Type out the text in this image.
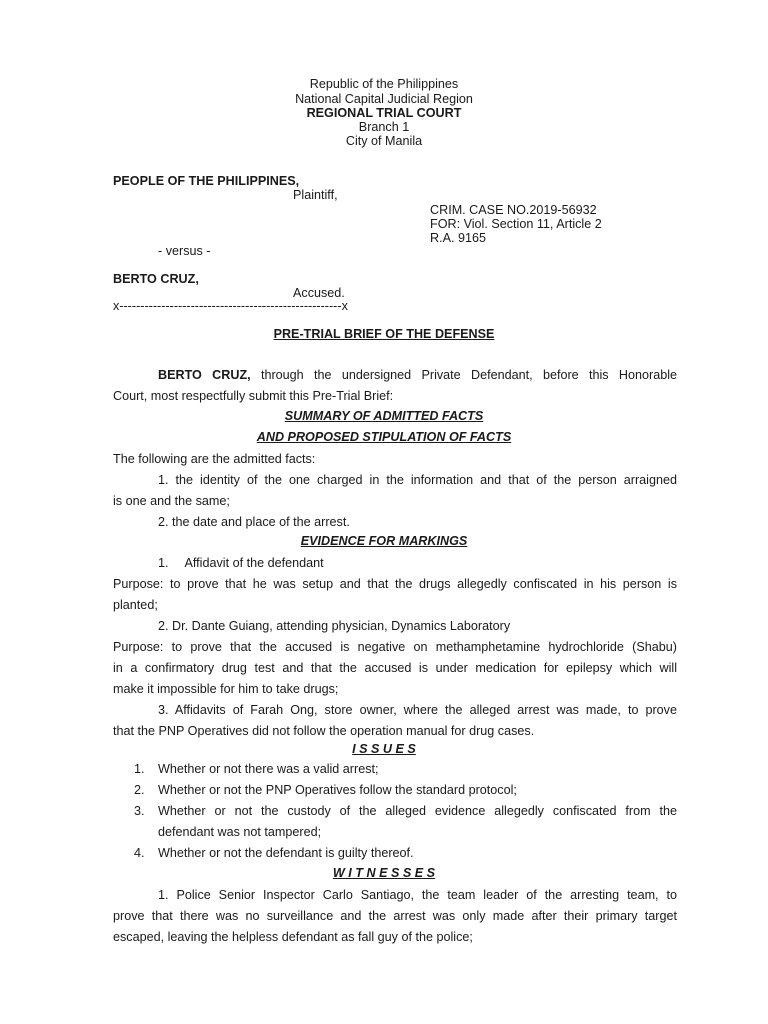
Republic of the Philippines
National Capital Judicial Region
REGIONAL TRIAL COURT
Branch 1
City of Manila
PEOPLE OF THE PHILIPPINES,
Plaintiff,
CRIM. CASE NO.2019-56932
FOR: Viol. Section 11, Article 2
R.A. 9165
- versus -
BERTO CRUZ,
Accused.
x-----------------------------------------------------x
PRE-TRIAL BRIEF OF THE DEFENSE
BERTO CRUZ, through the undersigned Private Defendant, before this Honorable
Court, most respectfully submit this Pre-Trial Brief:
SUMMARY OF ADMITTED FACTS
AND PROPOSED STIPULATION OF FACTS
The following are the admitted facts:
1. the identity of the one charged in the information and that of the person arraigned
is one and the same;
2. the date and place of the arrest.
EVIDENCE FOR MARKINGS
1. Affidavit of the defendant
Purpose: to prove that he was setup and that the drugs allegedly confiscated in his person is
planted;
2. Dr. Dante Guiang, attending physician, Dynamics Laboratory
Purpose: to prove that the accused is negative on methamphetamine hydrochloride (Shabu)
in a confirmatory drug test and that the accused is under medication for epilepsy which will
make it impossible for him to take drugs;
3. Affidavits of Farah Ong, store owner, where the alleged arrest was made, to prove
that the PNP Operatives did not follow the operation manual for drug cases.
I S S U E S
1. Whether or not there was a valid arrest;
2. Whether or not the PNP Operatives follow the standard protocol;
3. Whether or not the custody of the alleged evidence allegedly confiscated from the
defendant was not tampered;
4. Whether or not the defendant is guilty thereof.
W I T N E S S E S
1. Police Senior Inspector Carlo Santiago, the team leader of the arresting team, to
prove that there was no surveillance and the arrest was only made after their primary target
escaped, leaving the helpless defendant as fall guy of the police;
